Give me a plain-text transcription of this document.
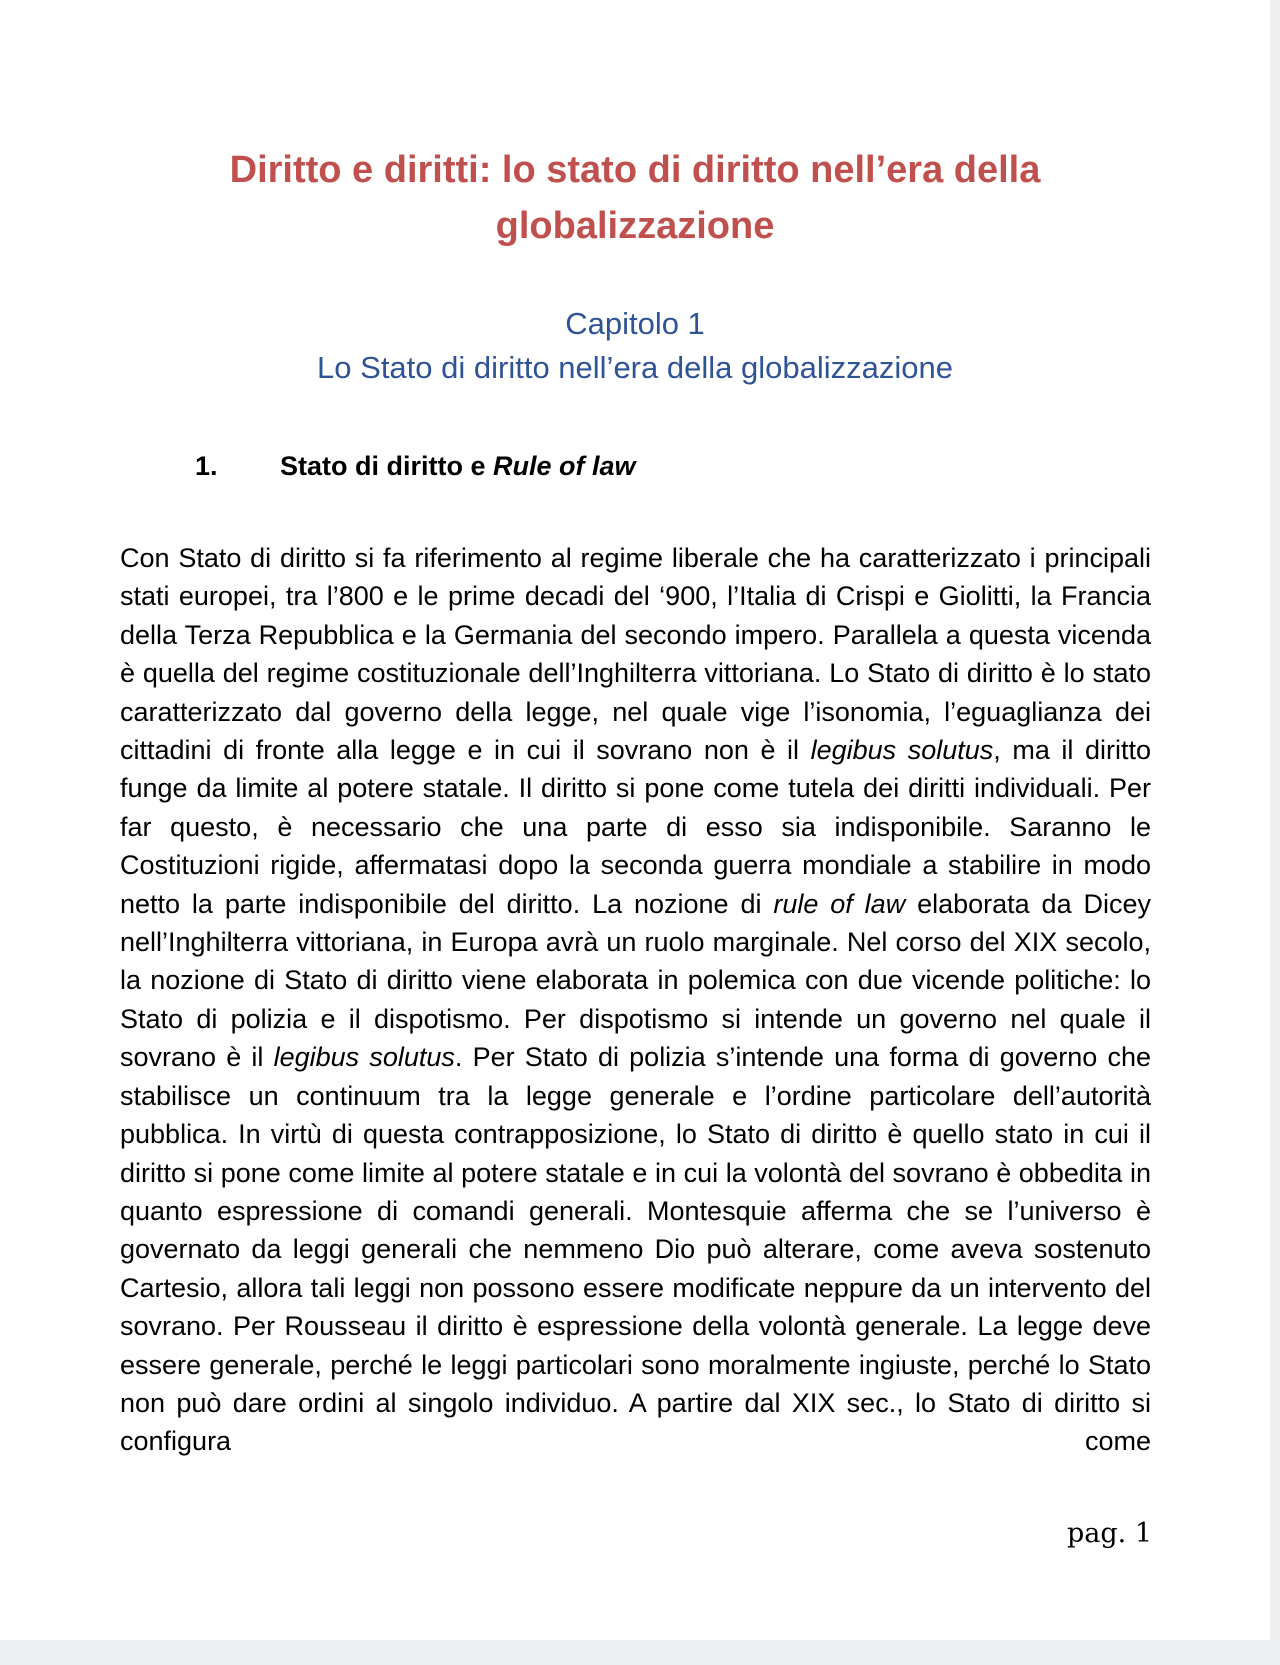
Diritto e diritti: lo stato di diritto nell’era della globalizzazione
Capitolo 1
Lo Stato di diritto nell’era della globalizzazione
1. Stato di diritto e Rule of law

Con Stato di diritto si fa riferimento al regime liberale che ha caratterizzato i principali stati europei, tra l’800 e le prime decadi del ‘900, l’Italia di Crispi e Giolitti, la Francia della Terza Repubblica e la Germania del secondo impero. Parallela a questa vicenda è quella del regime costituzionale dell’Inghilterra vittoriana. Lo Stato di diritto è lo stato caratterizzato dal governo della legge, nel quale vige l’isonomia, l’eguaglianza dei cittadini di fronte alla legge e in cui il sovrano non è il legibus solutus, ma il diritto funge da limite al potere statale. Il diritto si pone come tutela dei diritti individuali. Per far questo, è necessario che una parte di esso sia indisponibile. Saranno le Costituzioni rigide, affermatasi dopo la seconda guerra mondiale a stabilire in modo netto la parte indisponibile del diritto. La nozione di rule of law elaborata da Dicey nell’Inghilterra vittoriana, in Europa avrà un ruolo marginale. Nel corso del XIX secolo, la nozione di Stato di diritto viene elaborata in polemica con due vicende politiche: lo Stato di polizia e il dispotismo. Per dispotismo si intende un governo nel quale il sovrano è il legibus solutus. Per Stato di polizia s’intende una forma di governo che stabilisce un continuum tra la legge generale e l’ordine particolare dell’autorità pubblica. In virtù di questa contrapposizione, lo Stato di diritto è quello stato in cui il diritto si pone come limite al potere statale e in cui la volontà del sovrano è obbedita in quanto espressione di comandi generali. Montesquie afferma che se l’universo è governato da leggi generali che nemmeno Dio può alterare, come aveva sostenuto Cartesio, allora tali leggi non possono essere modificate neppure da un intervento del sovrano. Per Rousseau il diritto è espressione della volontà generale. La legge deve essere generale, perché le leggi particolari sono moralmente ingiuste, perché lo Stato non può dare ordini al singolo individuo. A partire dal XIX sec., lo Stato di diritto si configura come

pag. 1
